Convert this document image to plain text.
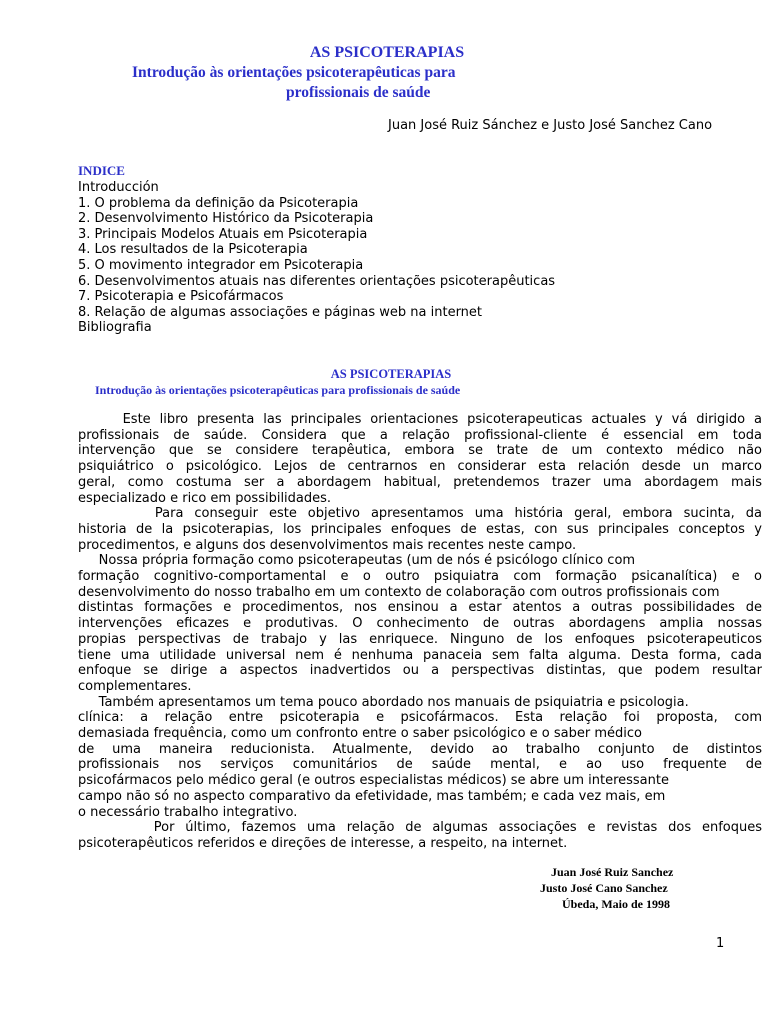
AS PSICOTERAPIAS
Introdução às orientações psicoterapêuticas para
profissionais de saúde
Juan José Ruiz Sánchez e Justo José Sanchez Cano
INDICE
Introducción
1. O problema da definição da Psicoterapia
2. Desenvolvimento Histórico da Psicoterapia
3. Principais Modelos Atuais em Psicoterapia
4. Los resultados de la Psicoterapia
5. O movimento integrador em Psicoterapia
6. Desenvolvimentos atuais nas diferentes orientações psicoterapêuticas
7. Psicoterapia e Psicofármacos
8. Relação de algumas associações e páginas web na internet
Bibliografia
AS PSICOTERAPIAS
Introdução às orientações psicoterapêuticas para profissionais de saúde
Este libro presenta las principales orientaciones psicoterapeuticas actuales y vá dirigido a
profissionais de saúde. Considera que a relação profissional-cliente é essencial em toda
intervenção que se considere terapêutica, embora se trate de um contexto médico não
psiquiátrico o psicológico. Lejos de centrarnos en considerar esta relación desde un marco
geral, como costuma ser a abordagem habitual, pretendemos trazer uma abordagem mais
especializado e rico em possibilidades.
Para conseguir este objetivo apresentamos uma história geral, embora sucinta, da
historia de la psicoterapias, los principales enfoques de estas, con sus principales conceptos y
procedimentos, e alguns dos desenvolvimentos mais recentes neste campo.
Nossa própria formação como psicoterapeutas (um de nós é psicólogo clínico com
formação cognitivo-comportamental e o outro psiquiatra com formação psicanalítica) e o
desenvolvimento do nosso trabalho em um contexto de colaboração com outros profissionais com
distintas formações e procedimentos, nos ensinou a estar atentos a outras possibilidades de
intervenções eficazes e produtivas. O conhecimento de outras abordagens amplia nossas
propias perspectivas de trabajo y las enriquece. Ninguno de los enfoques psicoterapeuticos
tiene uma utilidade universal nem é nenhuma panaceia sem falta alguma. Desta forma, cada
enfoque se dirige a aspectos inadvertidos ou a perspectivas distintas, que podem resultar
complementares.
Também apresentamos um tema pouco abordado nos manuais de psiquiatria e psicologia.
clínica: a relação entre psicoterapia e psicofármacos. Esta relação foi proposta, com
demasiada frequência, como um confronto entre o saber psicológico e o saber médico
de uma maneira reducionista. Atualmente, devido ao trabalho conjunto de distintos
profissionais nos serviços comunitários de saúde mental, e ao uso frequente de
psicofármacos pelo médico geral (e outros especialistas médicos) se abre um interessante
campo não só no aspecto comparativo da efetividade, mas também; e cada vez mais, em
o necessário trabalho integrativo.
Por último, fazemos uma relação de algumas associações e revistas dos enfoques
psicoterapêuticos referidos e direções de interesse, a respeito, na internet.
Juan José Ruiz Sanchez
Justo José Cano Sanchez
Úbeda, Maio de 1998
1
